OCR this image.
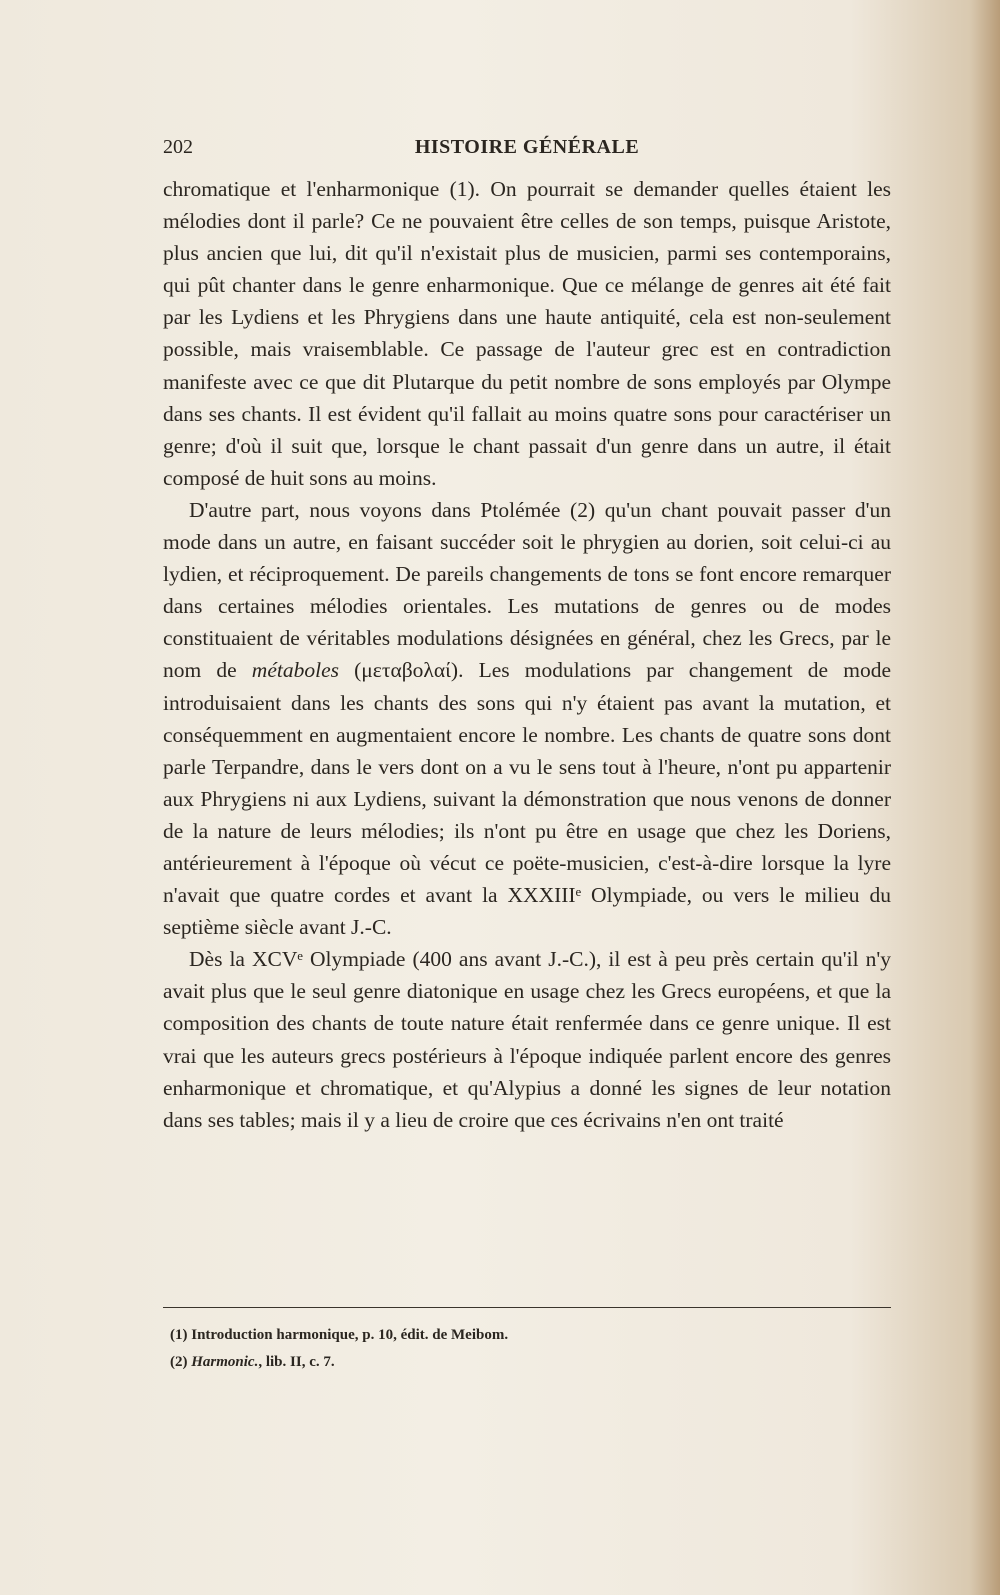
202	HISTOIRE GÉNÉRALE

chromatique et l'enharmonique (1). On pourrait se demander quelles étaient les mélodies dont il parle? Ce ne pouvaient être celles de son temps, puisque Aristote, plus ancien que lui, dit qu'il n'existait plus de musicien, parmi ses contemporains, qui pût chanter dans le genre enharmonique. Que ce mélange de genres ait été fait par les Lydiens et les Phrygiens dans une haute antiquité, cela est non-seulement possible, mais vraisemblable. Ce passage de l'auteur grec est en contradiction manifeste avec ce que dit Plutarque du petit nombre de sons employés par Olympe dans ses chants. Il est évident qu'il fallait au moins quatre sons pour caractériser un genre; d'où il suit que, lorsque le chant passait d'un genre dans un autre, il était composé de huit sons au moins.

D'autre part, nous voyons dans Ptolémée (2) qu'un chant pouvait passer d'un mode dans un autre, en faisant succéder soit le phrygien au dorien, soit celui-ci au lydien, et réciproquement. De pareils changements de tons se font encore remarquer dans certaines mélodies orientales. Les mutations de genres ou de modes constituaient de véritables modulations désignées en général, chez les Grecs, par le nom de métaboles (μεταβολαί). Les modulations par changement de mode introduisaient dans les chants des sons qui n'y étaient pas avant la mutation, et conséquemment en augmentaient encore le nombre. Les chants de quatre sons dont parle Terpandre, dans le vers dont on a vu le sens tout à l'heure, n'ont pu appartenir aux Phrygiens ni aux Lydiens, suivant la démonstration que nous venons de donner de la nature de leurs mélodies; ils n'ont pu être en usage que chez les Doriens, antérieurement à l'époque où vécut ce poëte-musicien, c'est-à-dire lorsque la lyre n'avait que quatre cordes et avant la XXXIIIᵉ Olympiade, ou vers le milieu du septième siècle avant J.-C.

Dès la XCVᵉ Olympiade (400 ans avant J.-C.), il est à peu près certain qu'il n'y avait plus que le seul genre diatonique en usage chez les Grecs européens, et que la composition des chants de toute nature était renfermée dans ce genre unique. Il est vrai que les auteurs grecs postérieurs à l'époque indiquée parlent encore des genres enharmonique et chromatique, et qu'Alypius a donné les signes de leur notation dans ses tables; mais il y a lieu de croire que ces écrivains n'en ont traité

(1) Introduction harmonique, p. 10, édit. de Meibom.
(2) Harmonic., lib. II, c. 7.
